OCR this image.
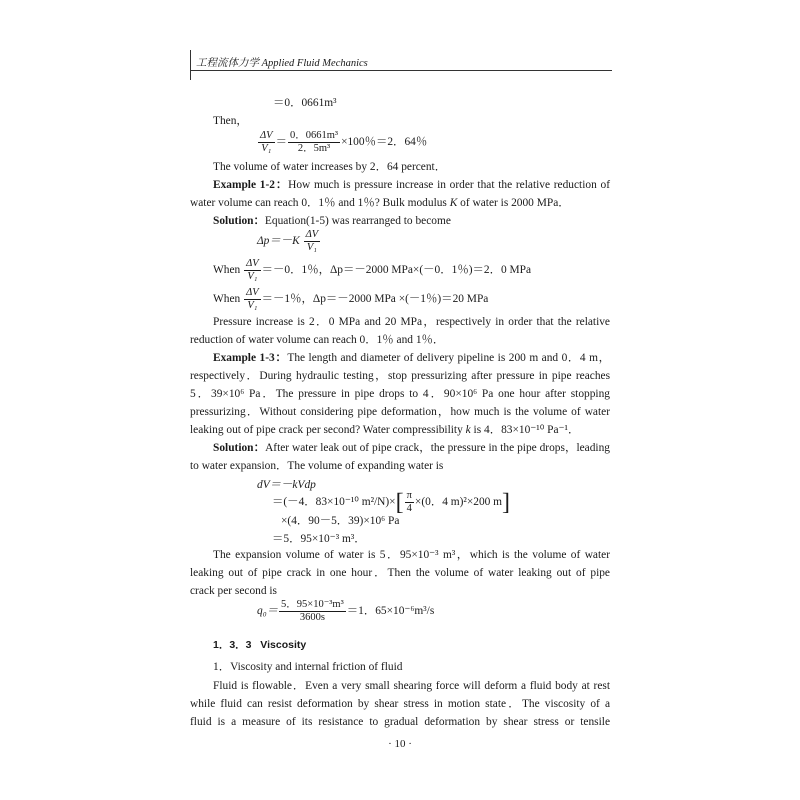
工程流体力学 Applied Fluid Mechanics
＝0．0661m³
Then，
$\frac{\Delta V}{\text{V₁}} = \frac{\text{0．0661m³}}{\text{2．5m³}} \times 100$％＝2．64％
The volume of water increases by 2．64 percent．
Example 1-2：How much is pressure increase in order that the relative reduction of
water volume can reach 0．1％ and 1％? Bulk modulus K of water is 2000 MPa．
Solution：Equation(1-5) was rearranged to become
$\Delta p=-K \frac{\Delta V}{\text{V₁}}$
When $\frac{\Delta V}{\text{V₁}} =-0$．1％，Δp＝－2000 MPa×(－0．1％)＝2．0 MPa
When $\frac{\Delta V}{\text{V₁}} =-1$％，Δp＝－2000 MPa ×(－1％)＝20 MPa
Pressure increase is 2．0 MPa and 20 MPa，respectively in order that the relative
reduction of water volume can reach 0．1％ and 1％．
Example 1-3：The length and diameter of delivery pipeline is 200 m and 0．4 m，
respectively．During hydraulic testing，stop pressurizing after pressure in pipe reaches
5．39×10⁶ Pa．The pressure in pipe drops to 4．90×10⁶ Pa one hour after stopping
pressurizing．Without considering pipe deformation，how much is the volume of water
leaking out of pipe crack per second? Water compressibility k is 4．83×10⁻¹⁰ Pa⁻¹．
Solution：After water leak out of pipe crack，the pressure in the pipe drops，leading
to water expansion．The volume of expanding water is
dV＝－kVdp
＝(－4．83×10⁻¹⁰ $m^2/N)\times[ \frac{\pi}{4} \times(0$．4 m)²×200 m]
×(4．90－5．39)×10⁶ Pa
＝5．95×10⁻³ m³．
The expansion volume of water is 5．95×10⁻³ m³，which is the volume of water
leaking out of pipe crack in one hour．Then the volume of water leaking out of pipe
crack per second is
$q_0= \frac{\text{5．95×10⁻³m³}}{3600s} =1$．65×10⁻⁶m³/s
1．3．3 Viscosity
1．Viscosity and internal friction of fluid
Fluid is flowable．Even a very small shearing force will deform a fluid body at rest
while fluid can resist deformation by shear stress in motion state．The viscosity of a
fluid is a measure of its resistance to gradual deformation by shear stress or tensile
· 10 ·
